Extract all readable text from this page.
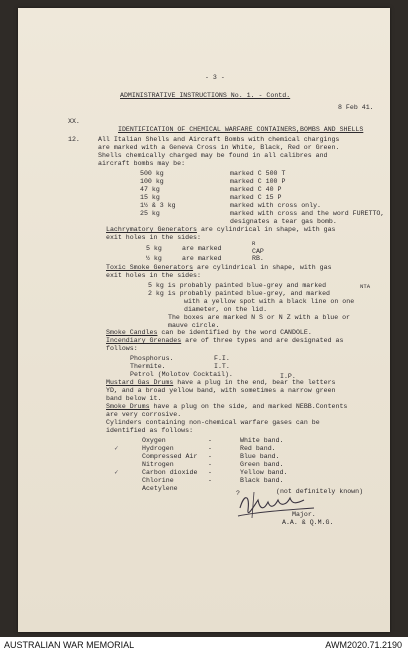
- 3 -
ADMINISTRATIVE INSTRUCTIONS No. 1. - Contd.
8 Feb 41.
XX.
IDENTIFICATION OF CHEMICAL WARFARE CONTAINERS,BOMBS AND SHELLS
12.	All Italian Shells and Aircraft Bombs with chemical chargings
are marked with a Geneva Cross in White, Black, Red or Green.
Shells chemically charged may be found in all calibres and
aircraft bombs may be:
500 kg	marked C 500 T
100 kg	marked C 100 P
47 kg	marked C 40 P
15 kg	marked C 15 P
1½ & 3 kg	marked with cross only.
25 kg	marked with cross and the word FURETTO,
designates a tear gas bomb.
Lachrymatory Generators are cylindrical in shape, with gas
exit holes in the sides:
R
5 kg	are marked	CAP
½ kg	are marked	RB.
Toxic Smoke Generators are cylindrical in shape, with gas
exit holes in the sides:
5 kg is probably painted blue-grey and marked	NTA
2 kg is probably painted blue-grey, and marked
with a yellow spot with a black line on one
diameter, on the lid.
The boxes are marked N S or N Z with a blue or
mauve circle.
Smoke Candles can be identified by the word CANDOLE.
Incendiary Grenades are of three types and are designated as
follows:
Phosphorus.	F.I.
Thermite.	I.T.
Petrol (Molotov Cocktail).	I.P.
Mustard Gas Drums have a plug in the end, bear the letters
YD, and a broad yellow band, with sometimes a narrow green
band below it.
Smoke Drums have a plug on the side, and marked NEBB.Contents
are very corrosive.
Cylinders containing non-chemical warfare gases can be
identified as follows:
Oxygen	-	White band.
Hydrogen	-	Red band.
Compressed Air -	Blue band.
Nitrogen	-	Green band.
Carbon dioxide -	Yellow band.
Chlorine	-	Black band.
Acetylene
?	(not definitely known)
✓
✓
Major.
A.A. & Q.M.G.
AUSTRALIAN WAR MEMORIAL	AWM2020.71.2190
